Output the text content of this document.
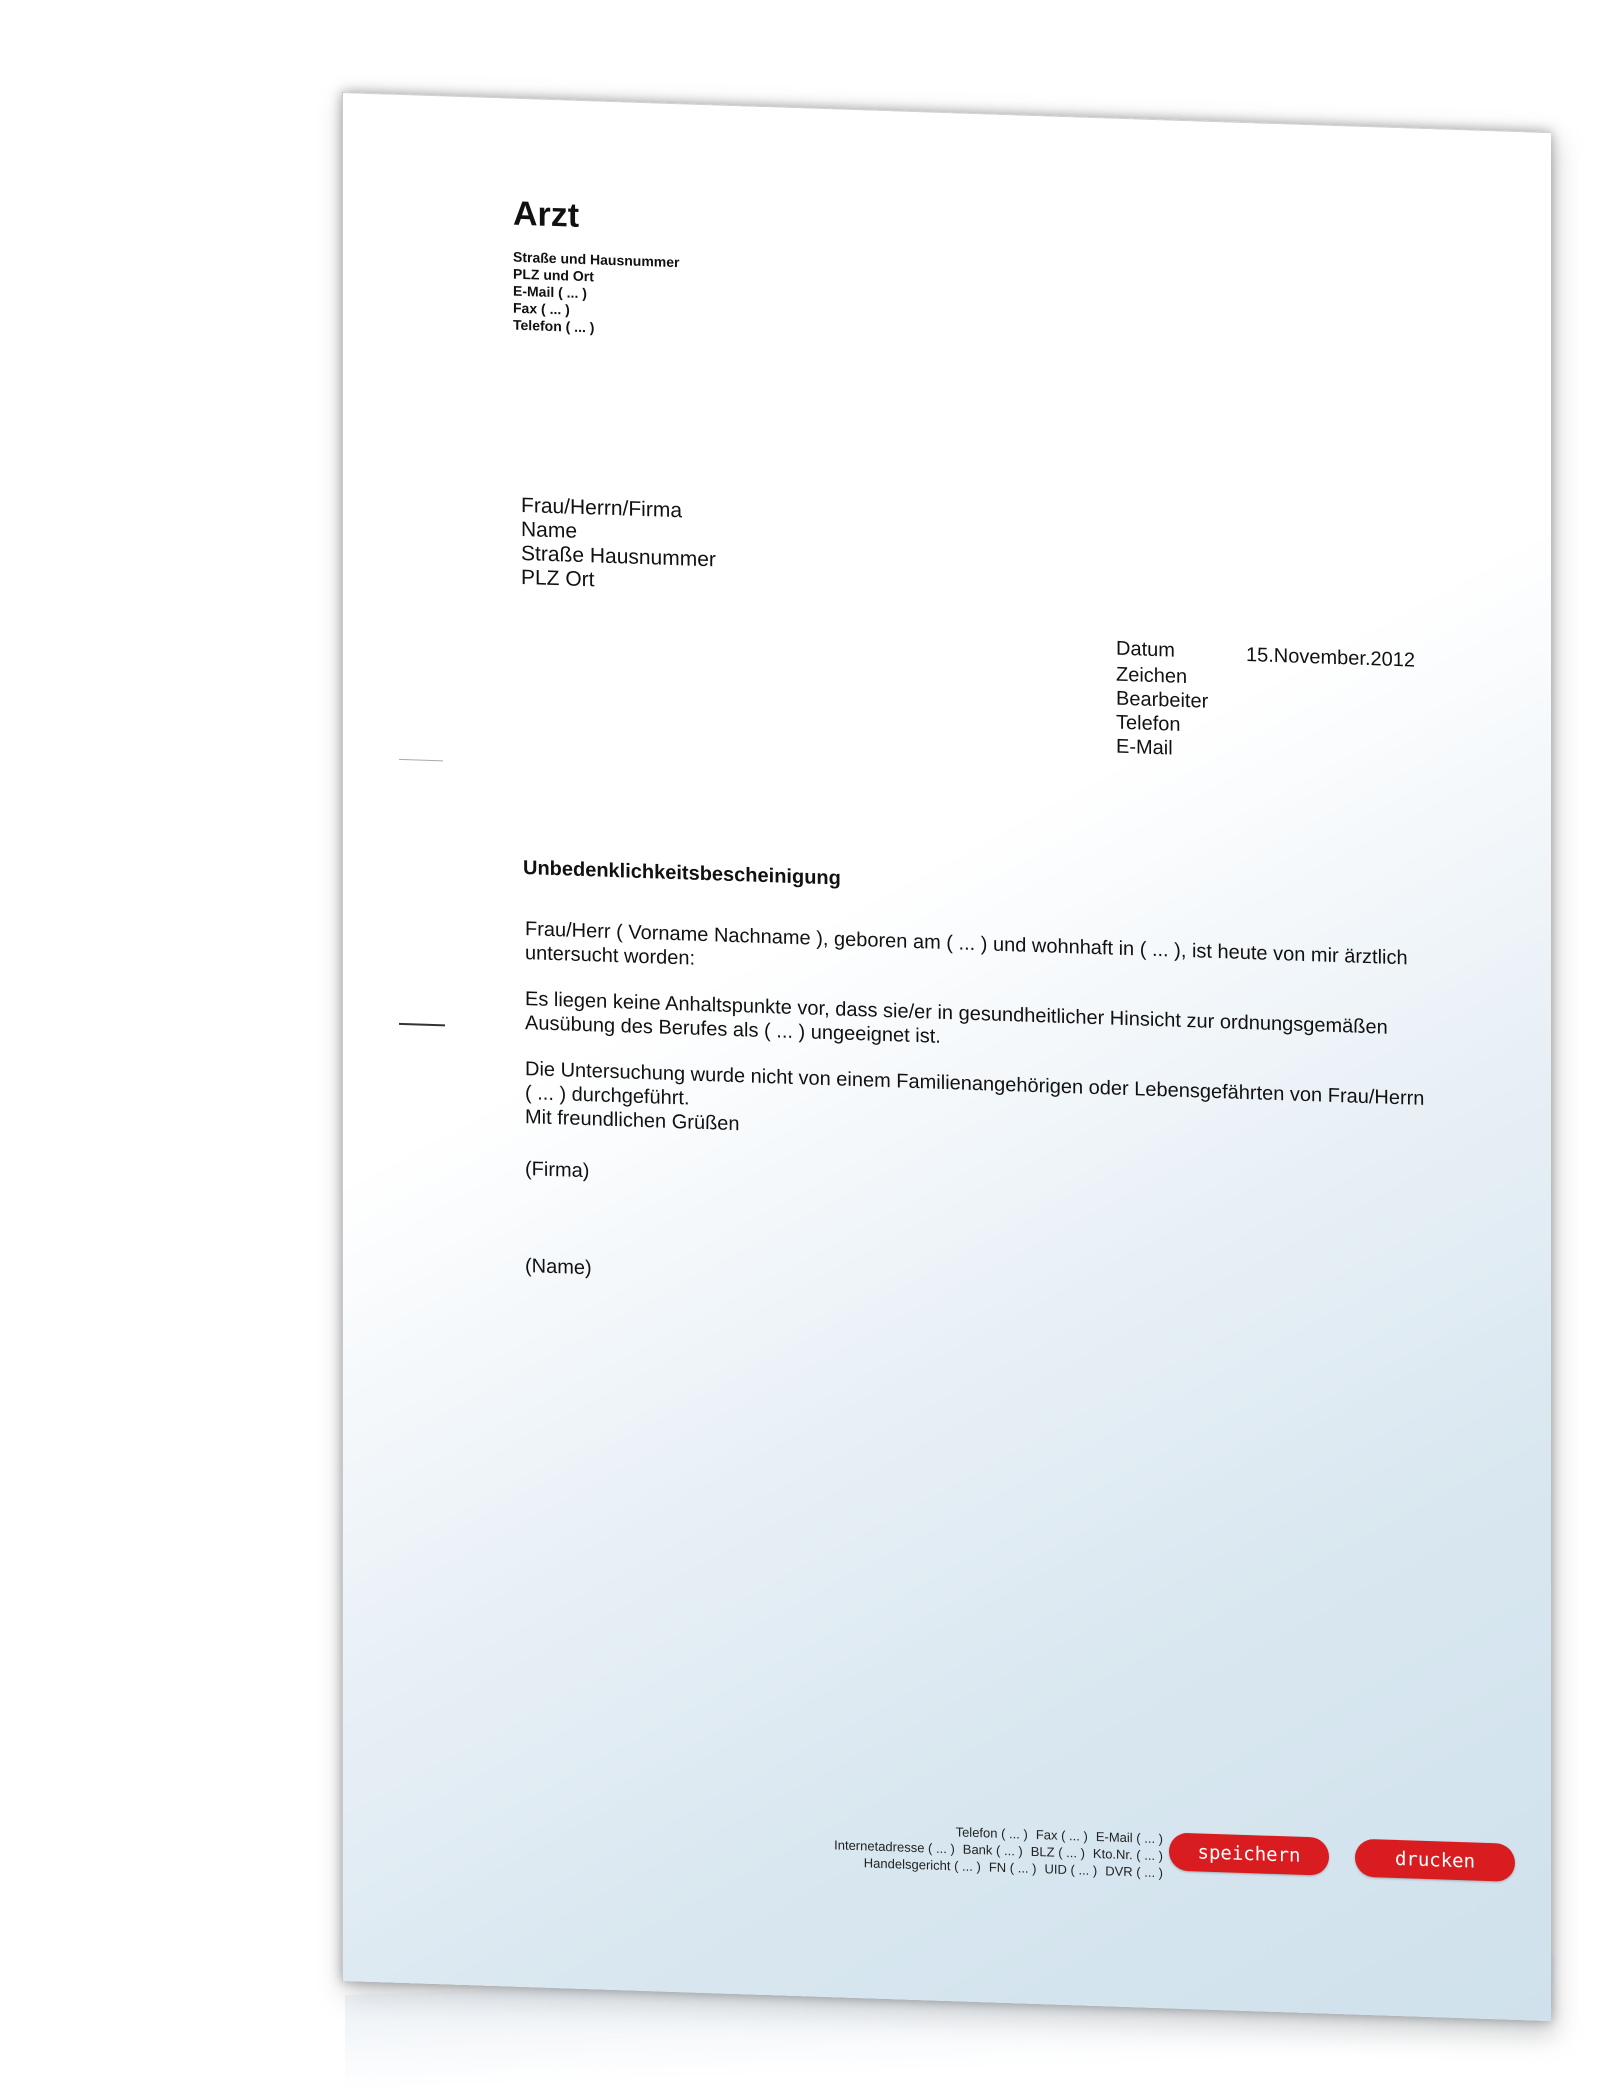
Arzt
Straße und Hausnummer
PLZ und Ort
E-Mail ( ... )
Fax ( ... )
Telefon ( ... )
Frau/Herrn/Firma
Name
Straße Hausnummer
PLZ Ort
Datum	15.November.2012
Zeichen
Bearbeiter
Telefon
E-Mail
Unbedenklichkeitsbescheinigung

Frau/Herr ( Vorname Nachname ), geboren am ( ... ) und wohnhaft in ( ... ), ist heute von mir ärztlich untersucht worden:

Es liegen keine Anhaltspunkte vor, dass sie/er in gesundheitlicher Hinsicht zur ordnungsgemäßen Ausübung des Berufes als ( ... ) ungeeignet ist.

Die Untersuchung wurde nicht von einem Familienangehörigen oder Lebensgefährten von Frau/Herrn ( ... ) durchgeführt.

Mit freundlichen Grüßen
(Firma)
(Name)
Telefon ( ... ) Fax ( ... ) E-Mail ( ... )
Internetadresse ( ... ) Bank ( ... ) BLZ ( ... ) Kto.Nr. ( ... )
Handelsgericht ( ... ) FN ( ... ) UID ( ... ) DVR ( ... )
speichern	drucken
